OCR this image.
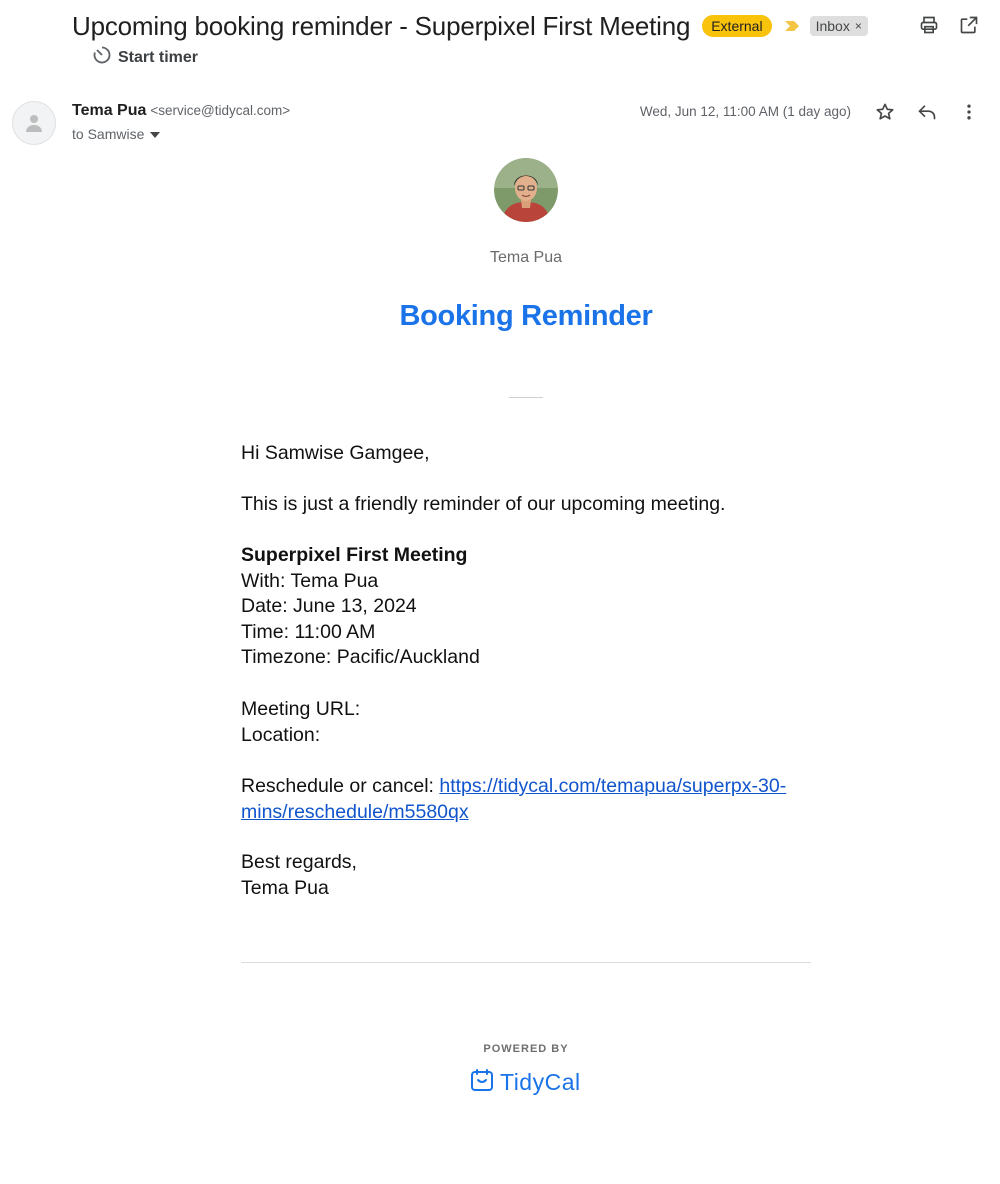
Upcoming booking reminder - Superpixel First Meeting	External	Inbox ×
Start timer
Tema Pua <service@tidycal.com>
to Samwise
Wed, Jun 12, 11:00 AM (1 day ago)
Tema Pua
Booking Reminder
Hi Samwise Gamgee,
This is just a friendly reminder of our upcoming meeting.
Superpixel First Meeting
With: Tema Pua
Date: June 13, 2024
Time: 11:00 AM
Timezone: Pacific/Auckland
Meeting URL:
Location:
Reschedule or cancel: https://tidycal.com/temapua/superpx-30-mins/reschedule/m5580qx
Best regards,
Tema Pua
POWERED BY
TidyCal
